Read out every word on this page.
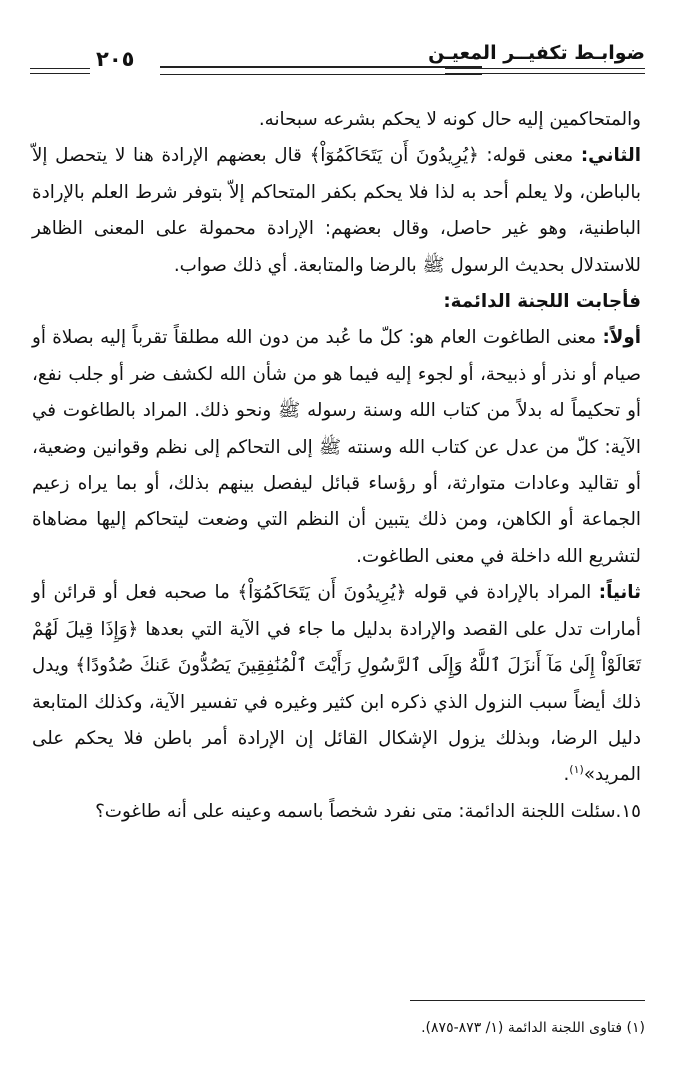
ضوابـط تكفيــر المعيـن
٢٠٥

والمتحاكمين إليه حال كونه لا يحكم بشرعه سبحانه.

الثاني: معنى قوله: ﴿يُرِيدُونَ أَن يَتَحَاكَمُوٓاْ﴾ قال بعضهم الإرادة هنا لا يتحصل إلاّ بالباطن، ولا يعلم أحد به لذا فلا يحكم بكفر المتحاكم إلاّ بتوفر شرط العلم بالإرادة الباطنية، وهو غير حاصل، وقال بعضهم: الإرادة محمولة على المعنى الظاهر للاستدلال بحديث الرسول ﷺ بالرضا والمتابعة. أي ذلك صواب.

فأجابت اللجنة الدائمة:

أولاً: معنى الطاغوت العام هو: كلّ ما عُبد من دون الله مطلقاً تقرباً إليه بصلاة أو صيام أو نذر أو ذبيحة، أو لجوء إليه فيما هو من شأن الله لكشف ضر أو جلب نفع، أو تحكيماً له بدلاً من كتاب الله وسنة رسوله ﷺ ونحو ذلك. المراد بالطاغوت في الآية: كلّ من عدل عن كتاب الله وسنته ﷺ إلى التحاكم إلى نظم وقوانين وضعية، أو تقاليد وعادات متوارثة، أو رؤساء قبائل ليفصل بينهم بذلك، أو بما يراه زعيم الجماعة أو الكاهن، ومن ذلك يتبين أن النظم التي وضعت ليتحاكم إليها مضاهاة لتشريع الله داخلة في معنى الطاغوت.

ثانياً: المراد بالإرادة في قوله ﴿يُرِيدُونَ أَن يَتَحَاكَمُوٓاْ﴾ ما صحبه فعل أو قرائن أو أمارات تدل على القصد والإرادة بدليل ما جاء في الآية التي بعدها ﴿وَإِذَا قِيلَ لَهُمْ تَعَالَوْاْ إِلَىٰ مَآ أَنزَلَ ٱللَّهُ وَإِلَى ٱلرَّسُولِ رَأَيْتَ ٱلْمُنَٰفِقِينَ يَصُدُّونَ عَنكَ صُدُودًا﴾ ويدل ذلك أيضاً سبب النزول الذي ذكره ابن كثير وغيره في تفسير الآية، وكذلك المتابعة دليل الرضا، وبذلك يزول الإشكال القائل إن الإرادة أمر باطن فلا يحكم على المريد»$^{(١)}$.

١٥.سئلت اللجنة الدائمة: متى نفرد شخصاً باسمه وعينه على أنه طاغوت؟

(١) فتاوى اللجنة الدائمة (١/ ٨٧٣-٨٧٥).
